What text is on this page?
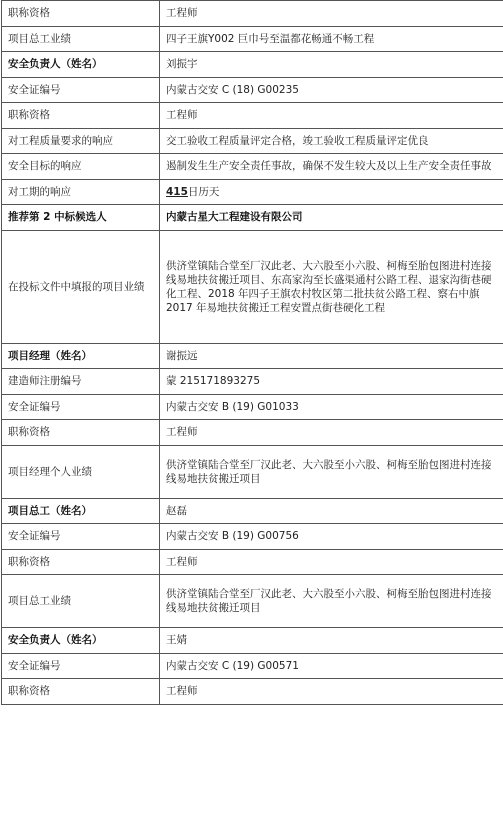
职称资格	工程师
项目总工业绩	四子王旗Y002 巨巾号至温都花畅通不畅工程
安全负责人（姓名）	刘振宇
安全证编号	内蒙古交安 C (18) G00235
职称资格	工程师
对工程质量要求的响应	交工验收工程质量评定合格，竣工验收工程质量评定优良
安全目标的响应	遏制发生生产安全责任事故，确保不发生较大及以上生产安全责任事故
对工期的响应	415日历天
推荐第 2 中标候选人	内蒙古星大工程建设有限公司
在投标文件中填报的项目业绩	供济堂镇陆合堂至厂汉此老、大六股至小六股、柯梅至胎包图进村连接线易地扶贫搬迁项目、东高家沟至长盛渠通村公路工程、退家沟街巷硬化工程、2018 年四子王旗农村牧区第二批扶贫公路工程、察右中旗 2017 年易地扶贫搬迁工程安置点街巷硬化工程
项目经理（姓名）	谢振远
建造师注册编号	蒙 215171893275
安全证编号	内蒙古交安 B (19) G01033
职称资格	工程师
项目经理个人业绩	供济堂镇陆合堂至厂汉此老、大六股至小六股、柯梅至胎包图进村连接线易地扶贫搬迁项目
项目总工（姓名）	赵磊
安全证编号	内蒙古交安 B (19) G00756
职称资格	工程师
项目总工业绩	供济堂镇陆合堂至厂汉此老、大六股至小六股、柯梅至胎包图进村连接线易地扶贫搬迁项目
安全负责人（姓名）	王婧
安全证编号	内蒙古交安 C (19) G00571
职称资格	工程师
